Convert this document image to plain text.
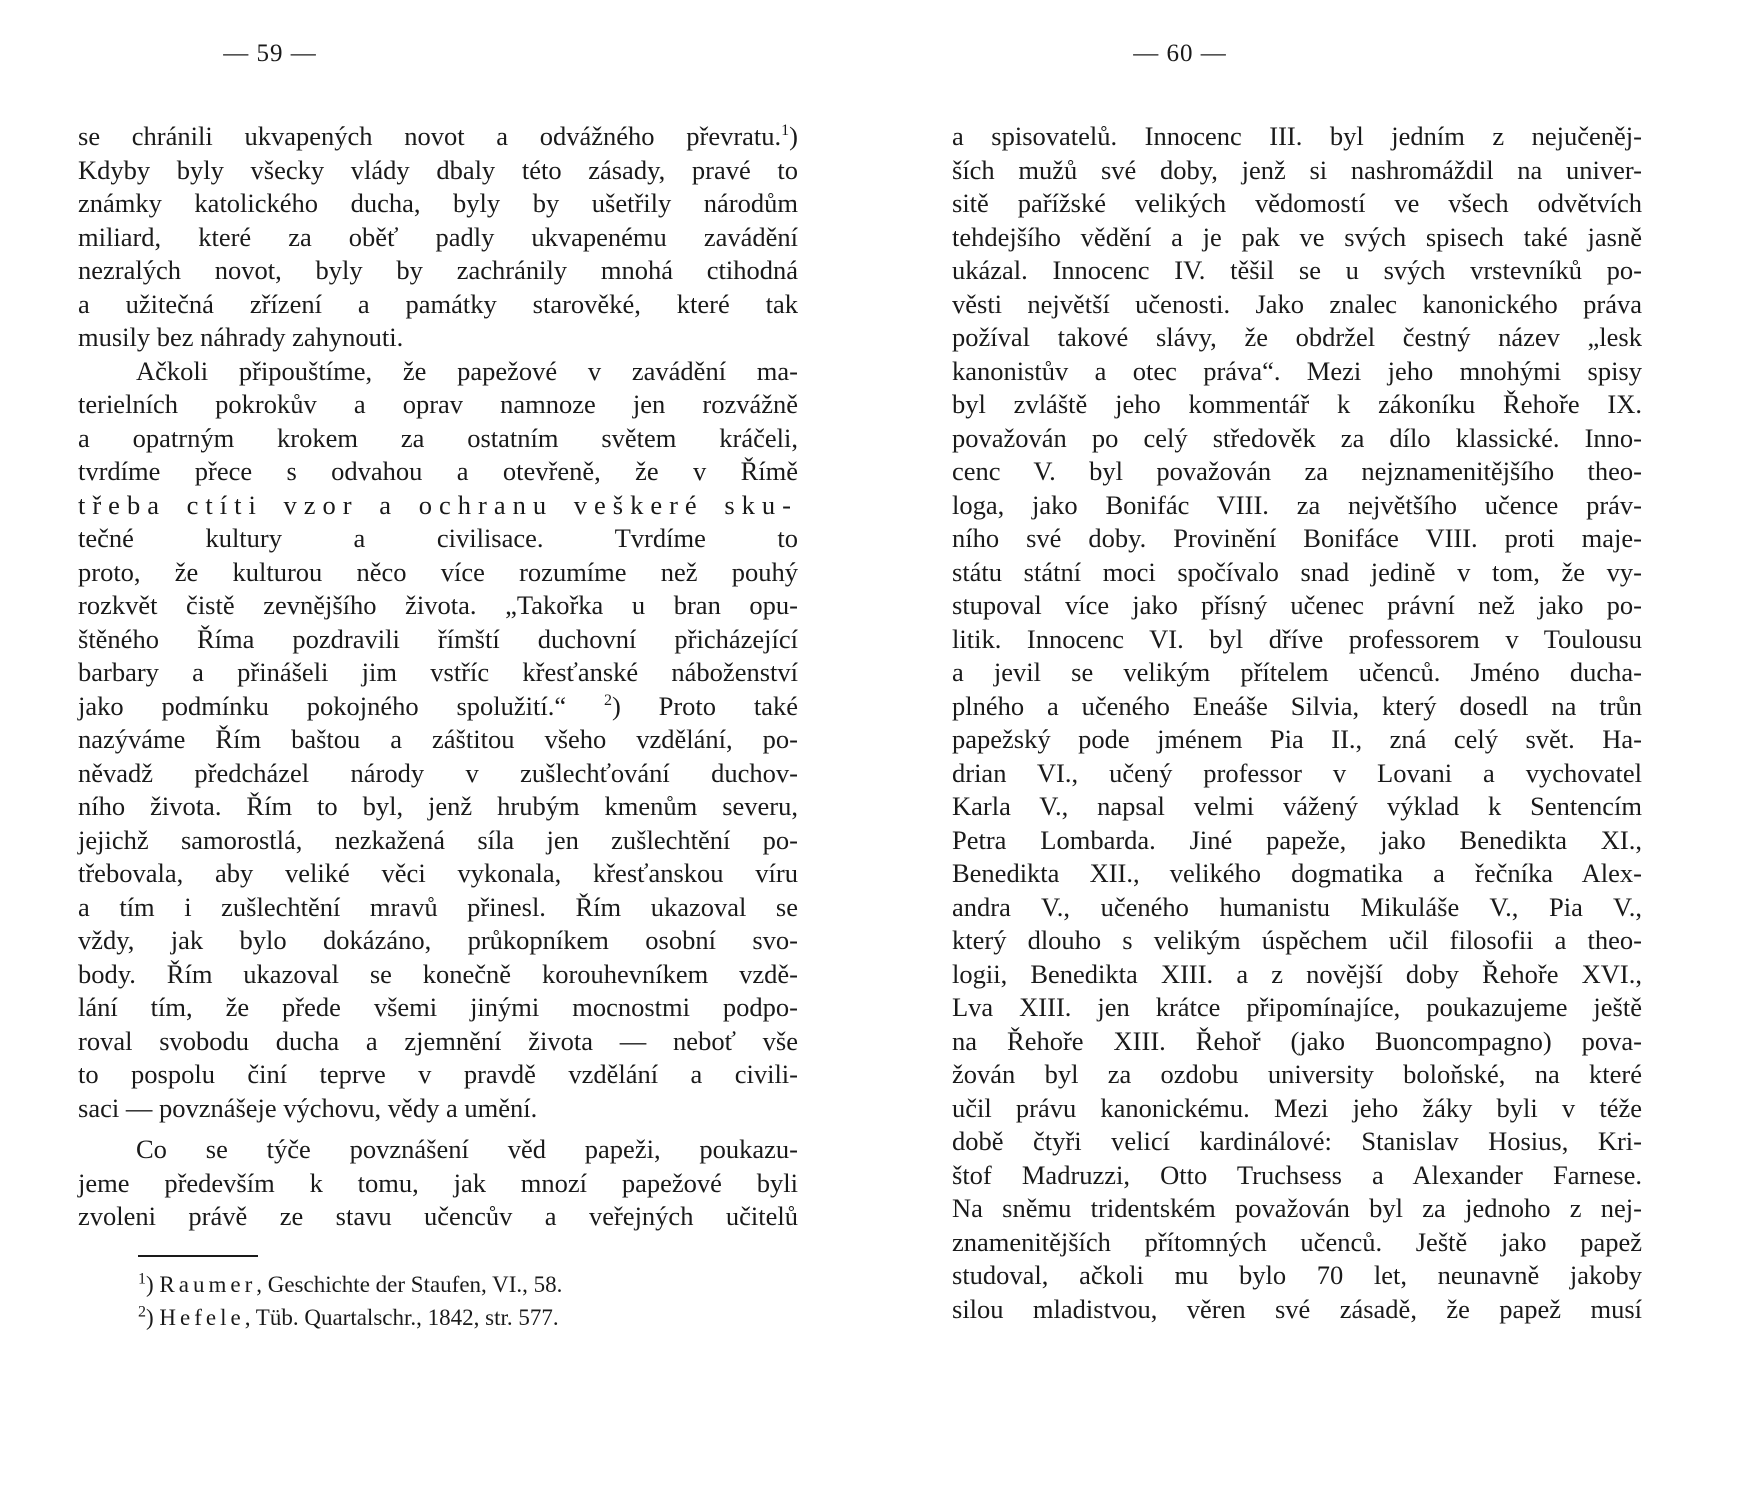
— 59 —
se chránili ukvapených novot a odvážného převratu.$^1$)
Kdyby byly všecky vlády dbaly této zásady, pravé to
známky katolického ducha, byly by ušetřily národům
miliard, které za oběť padly ukvapenému zavádění
nezralých novot, byly by zachránily mnohá ctihodná
a užitečná zřízení a památky starověké, které tak
musily bez náhrady zahynouti.
Ačkoli připouštíme, že papežové v zavádění ma-
terielních pokrokův a oprav namnoze jen rozvážně
a opatrným krokem za ostatním světem kráčeli,
tvrdíme přece s odvahou a otevřeně, že v Římě
třeba ctíti vzor a ochranu veškeré sku-
tečné kultury a civilisace. Tvrdíme to
proto, že kulturou něco více rozumíme než pouhý
rozkvět čistě zevnějšího života. „Takořka u bran opu-
štěného Říma pozdravili římští duchovní přicházející
barbary a přinášeli jim vstříc křesťanské náboženství
jako podmínku pokojného spolužití.“ $^2$) Proto také
nazýváme Řím baštou a záštitou všeho vzdělání, po-
něvadž předcházel národy v zušlechťování duchov-
ního života. Řím to byl, jenž hrubým kmenům severu,
jejichž samorostlá, nezkažená síla jen zušlechtění po-
třebovala, aby veliké věci vykonala, křesťanskou víru
a tím i zušlechtění mravů přinesl. Řím ukazoval se
vždy, jak bylo dokázáno, průkopníkem osobní svo-
body. Řím ukazoval se konečně korouhevníkem vzdě-
lání tím, že přede všemi jinými mocnostmi podpo-
roval svobodu ducha a zjemnění života — neboť vše
to pospolu činí teprve v pravdě vzdělání a civili-
saci — povznášeje výchovu, vědy a umění.
Co se týče povznášení věd papeži, poukazu-
jeme především k tomu, jak mnozí papežové byli
zvoleni právě ze stavu učencův a veřejných učitelů
$^1$) Raumer, Geschichte der Staufen, VI., 58.
$^2$) Hefele, Tüb. Quartalschr., 1842, str. 577.
— 60 —
a spisovatelů. Innocenc III. byl jedním z nejučeněj-
ších mužů své doby, jenž si nashromáždil na univer-
sitě pařížské velikých vědomostí ve všech odvětvích
tehdejšího vědění a je pak ve svých spisech také jasně
ukázal. Innocenc IV. těšil se u svých vrstevníků po-
věsti největší učenosti. Jako znalec kanonického práva
požíval takové slávy, že obdržel čestný název „lesk
kanonistův a otec práva“. Mezi jeho mnohými spisy
byl zvláště jeho kommentář k zákoníku Řehoře IX.
považován po celý středověk za dílo klassické. Inno-
cenc V. byl považován za nejznamenitějšího theo-
loga, jako Bonifác VIII. za největšího učence práv-
ního své doby. Provinění Bonifáce VIII. proti maje-
státu státní moci spočívalo snad jedině v tom, že vy-
stupoval více jako přísný učenec právní než jako po-
litik. Innocenc VI. byl dříve professorem v Toulousu
a jevil se velikým přítelem učenců. Jméno ducha-
plného a učeného Eneáše Silvia, který dosedl na trůn
papežský pode jménem Pia II., zná celý svět. Ha-
drian VI., učený professor v Lovani a vychovatel
Karla V., napsal velmi vážený výklad k Sentencím
Petra Lombarda. Jiné papeže, jako Benedikta XI.,
Benedikta XII., velikého dogmatika a řečníka Alex-
andra V., učeného humanistu Mikuláše V., Pia V.,
který dlouho s velikým úspěchem učil filosofii a theo-
logii, Benedikta XIII. a z novější doby Řehoře XVI.,
Lva XIII. jen krátce připomínajíce, poukazujeme ještě
na Řehoře XIII. Řehoř (jako Buoncompagno) pova-
žován byl za ozdobu university boloňské, na které
učil právu kanonickému. Mezi jeho žáky byli v téže
době čtyři velicí kardinálové: Stanislav Hosius, Kri-
štof Madruzzi, Otto Truchsess a Alexander Farnese.
Na sněmu tridentském považován byl za jednoho z nej-
znamenitějších přítomných učenců. Ještě jako papež
studoval, ačkoli mu bylo 70 let, neunavně jakoby
silou mladistvou, věren své zásadě, že papež musí
